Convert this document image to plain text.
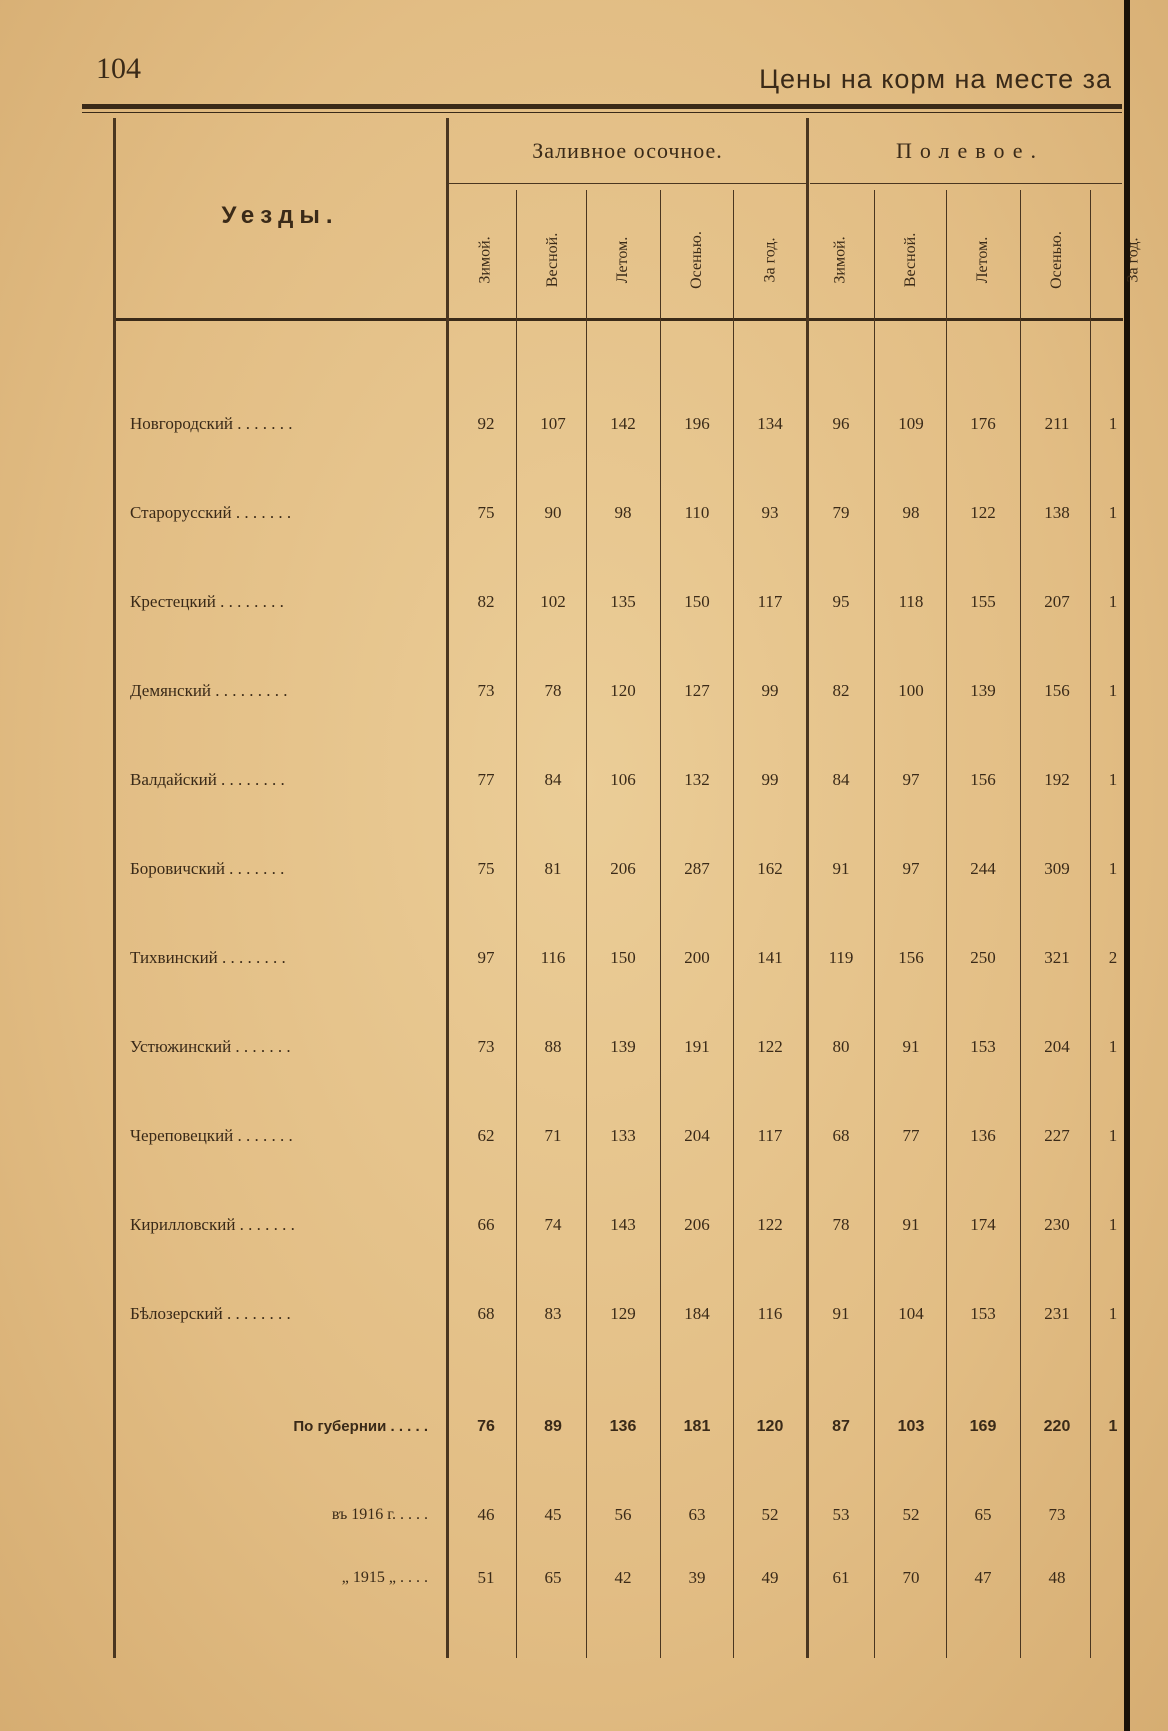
104	Цены на корм на месте за
Уезды.
Заливное осочное.	Полевое.
Зимой.	Весной.	Летом.	Осенью.	За год.	Зимой.	Весной.	Летом.	Осенью.	За год.
Новгородский . . . . . . .	92	107	142	196	134	96	109	176	211	1
Старорусский . . . . . . .	75	90	98	110	93	79	98	122	138	1
Крестецкий . . . . . . . .	82	102	135	150	117	95	118	155	207	1
Демянский . . . . . . . . .	73	78	120	127	99	82	100	139	156	1
Валдайский . . . . . . . .	77	84	106	132	99	84	97	156	192	1
Боровичский . . . . . . .	75	81	206	287	162	91	97	244	309	1
Тихвинский . . . . . . . .	97	116	150	200	141	119	156	250	321	2
Устюжинский . . . . . . .	73	88	139	191	122	80	91	153	204	1
Череповецкий . . . . . . .	62	71	133	204	117	68	77	136	227	1
Кирилловский . . . . . . .	66	74	143	206	122	78	91	174	230	1
Бѣлозерский . . . . . . . .	68	83	129	184	116	91	104	153	231	1
По губернии . . . . .	76	89	136	181	120	87	103	169	220	1
въ 1916 г. . . . .	46	45	56	63	52	53	52	65	73
„ 1915 „ . . . .	51	65	42	39	49	61	70	47	48
